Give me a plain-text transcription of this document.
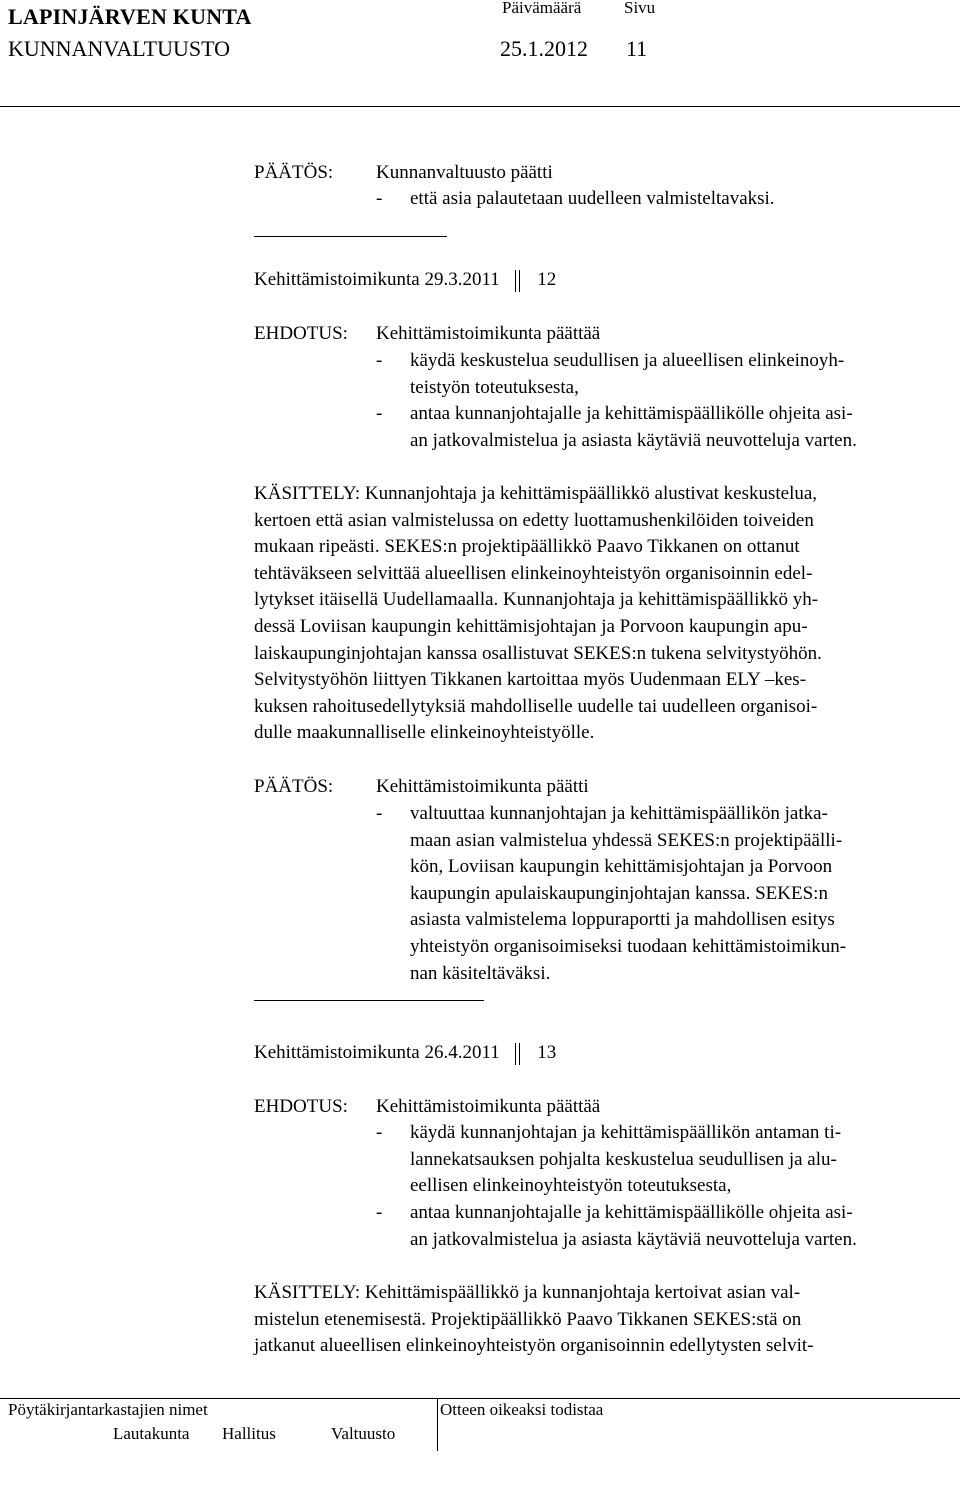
LAPINJÄRVEN KUNTA	Päivämäärä	Sivu
KUNNANVALTUUSTO	25.1.2012 11
PÄÄTÖS: Kunnanvaltuusto päätti
- että asia palautetaan uudelleen valmisteltavaksi.
Kehittämistoimikunta 29.3.2011 12
EHDOTUS: Kehittämistoimikunta päättää
- käydä keskustelua seudullisen ja alueellisen elinkeinoyh-
teistyön toteutuksesta,
- antaa kunnanjohtajalle ja kehittämispäällikölle ohjeita asi-
an jatkovalmistelua ja asiasta käytäviä neuvotteluja varten.
KÄSITTELY: Kunnanjohtaja ja kehittämispäällikkö alustivat keskustelua,
kertoen että asian valmistelussa on edetty luottamushenkilöiden toiveiden
mukaan ripeästi. SEKES:n projektipäällikkö Paavo Tikkanen on ottanut
tehtäväkseen selvittää alueellisen elinkeinoyhteistyön organisoinnin edel-
lytykset itäisellä Uudellamaalla. Kunnanjohtaja ja kehittämispäällikkö yh-
dessä Loviisan kaupungin kehittämisjohtajan ja Porvoon kaupungin apu-
laiskaupunginjohtajan kanssa osallistuvat SEKES:n tukena selvitystyöhön.
Selvitystyöhön liittyen Tikkanen kartoittaa myös Uudenmaan ELY –kes-
kuksen rahoitusedellytyksiä mahdolliselle uudelle tai uudelleen organisoi-
dulle maakunnalliselle elinkeinoyhteistyölle.
PÄÄTÖS: Kehittämistoimikunta päätti
- valtuuttaa kunnanjohtajan ja kehittämispäällikön jatka-
maan asian valmistelua yhdessä SEKES:n projektipäälli-
kön, Loviisan kaupungin kehittämisjohtajan ja Porvoon
kaupungin apulaiskaupunginjohtajan kanssa. SEKES:n
asiasta valmistelema loppuraportti ja mahdollisen esitys
yhteistyön organisoimiseksi tuodaan kehittämistoimikun-
nan käsiteltäväksi.
Kehittämistoimikunta 26.4.2011 13
EHDOTUS: Kehittämistoimikunta päättää
- käydä kunnanjohtajan ja kehittämispäällikön antaman ti-
lannekatsauksen pohjalta keskustelua seudullisen ja alu-
eellisen elinkeinoyhteistyön toteutuksesta,
- antaa kunnanjohtajalle ja kehittämispäällikölle ohjeita asi-
an jatkovalmistelua ja asiasta käytäviä neuvotteluja varten.
KÄSITTELY: Kehittämispäällikkö ja kunnanjohtaja kertoivat asian val-
mistelun etenemisestä. Projektipäällikkö Paavo Tikkanen SEKES:stä on
jatkanut alueellisen elinkeinoyhteistyön organisoinnin edellytysten selvit-
Pöytäkirjantarkastajien nimet	Otteen oikeaksi todistaa
Lautakunta Hallitus	Valtuusto
